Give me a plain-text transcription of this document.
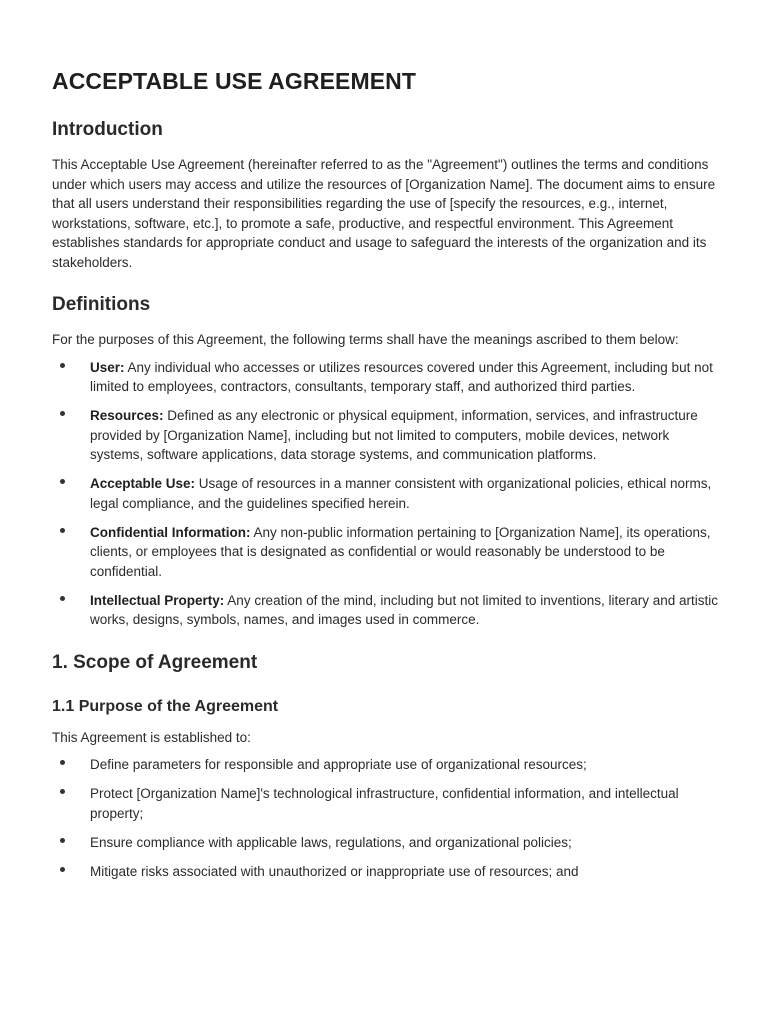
ACCEPTABLE USE AGREEMENT
Introduction

This Acceptable Use Agreement (hereinafter referred to as the "Agreement") outlines the terms and conditions under which users may access and utilize the resources of [Organization Name]. The document aims to ensure that all users understand their responsibilities regarding the use of [specify the resources, e.g., internet, workstations, software, etc.], to promote a safe, productive, and respectful environment. This Agreement establishes standards for appropriate conduct and usage to safeguard the interests of the organization and its stakeholders.

Definitions

For the purposes of this Agreement, the following terms shall have the meanings ascribed to them below:

User: Any individual who accesses or utilizes resources covered under this Agreement, including but not limited to employees, contractors, consultants, temporary staff, and authorized third parties.
Resources: Defined as any electronic or physical equipment, information, services, and infrastructure provided by [Organization Name], including but not limited to computers, mobile devices, network systems, software applications, data storage systems, and communication platforms.
Acceptable Use: Usage of resources in a manner consistent with organizational policies, ethical norms, legal compliance, and the guidelines specified herein.
Confidential Information: Any non-public information pertaining to [Organization Name], its operations, clients, or employees that is designated as confidential or would reasonably be understood to be confidential.
Intellectual Property: Any creation of the mind, including but not limited to inventions, literary and artistic works, designs, symbols, names, and images used in commerce.
1. Scope of Agreement
1.1 Purpose of the Agreement

This Agreement is established to:

Define parameters for responsible and appropriate use of organizational resources;
Protect [Organization Name]'s technological infrastructure, confidential information, and intellectual property;
Ensure compliance with applicable laws, regulations, and organizational policies;
Mitigate risks associated with unauthorized or inappropriate use of resources; and
